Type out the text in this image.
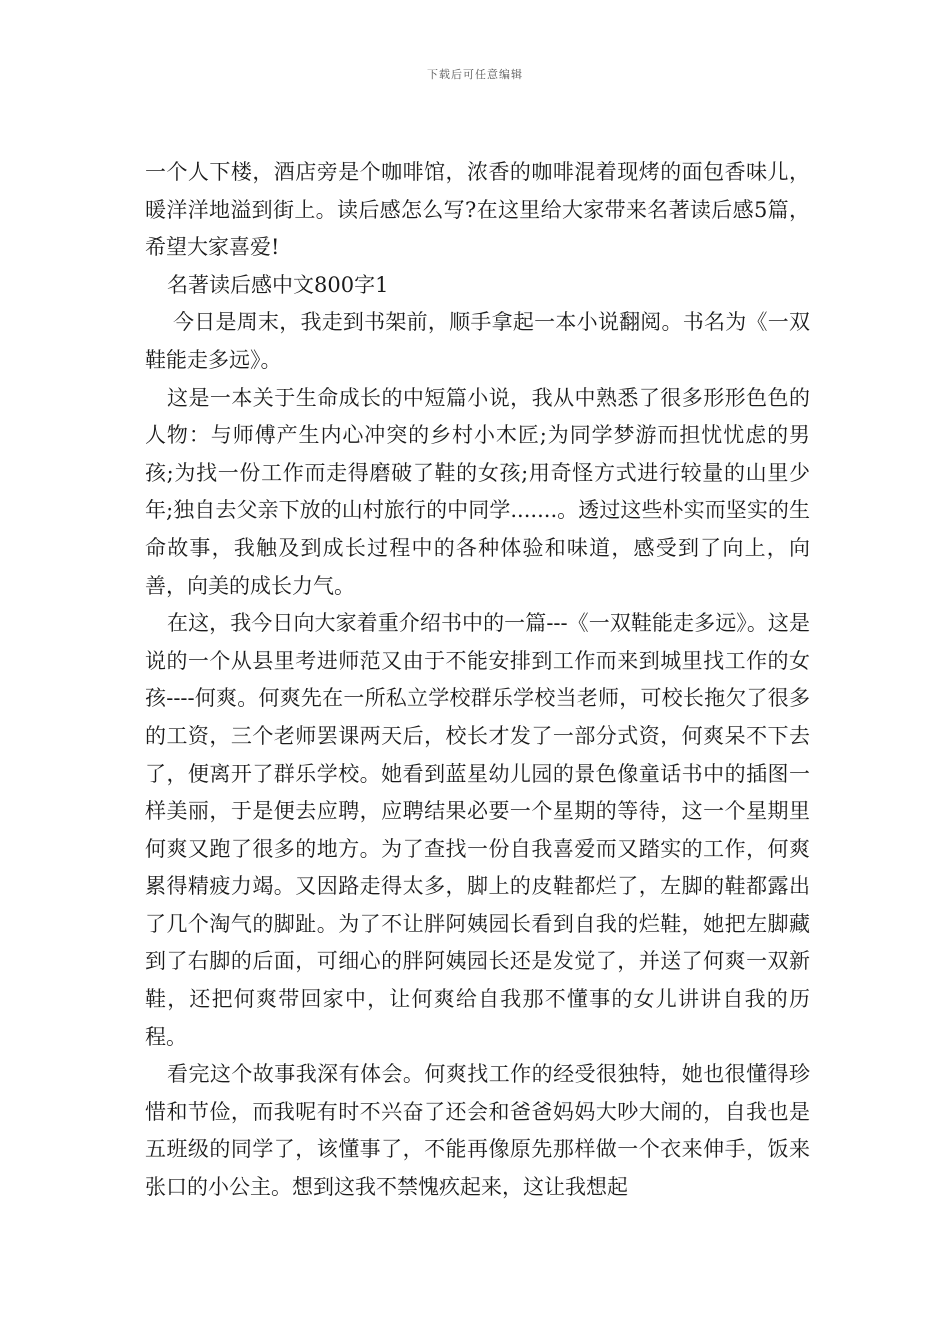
下载后可任意编辑

一个人下楼，酒店旁是个咖啡馆，浓香的咖啡混着现烤的面包香味儿，暖洋洋地溢到街上。读后感怎么写?在这里给大家带来名著读后感5篇，希望大家喜爱!

名著读后感中文800字1

今日是周末，我走到书架前，顺手拿起一本小说翻阅。书名为《一双鞋能走多远》。

这是一本关于生命成长的中短篇小说，我从中熟悉了很多形形色色的人物：与师傅产生内心冲突的乡村小木匠;为同学梦游而担忧忧虑的男孩;为找一份工作而走得磨破了鞋的女孩;用奇怪方式进行较量的山里少年;独自去父亲下放的山村旅行的中同学.......。透过这些朴实而坚实的生命故事，我触及到成长过程中的各种体验和味道，感受到了向上，向善，向美的成长力气。

在这，我今日向大家着重介绍书中的一篇---《一双鞋能走多远》。这是说的一个从县里考进师范又由于不能安排到工作而来到城里找工作的女孩----何爽。何爽先在一所私立学校群乐学校当老师，可校长拖欠了很多的工资，三个老师罢课两天后，校长才发了一部分式资，何爽呆不下去了，便离开了群乐学校。她看到蓝星幼儿园的景色像童话书中的插图一样美丽，于是便去应聘，应聘结果必要一个星期的等待，这一个星期里何爽又跑了很多的地方。为了查找一份自我喜爱而又踏实的工作，何爽累得精疲力竭。又因路走得太多，脚上的皮鞋都烂了，左脚的鞋都露出了几个淘气的脚趾。为了不让胖阿姨园长看到自我的烂鞋，她把左脚藏到了右脚的后面，可细心的胖阿姨园长还是发觉了，并送了何爽一双新鞋，还把何爽带回家中，让何爽给自我那不懂事的女儿讲讲自我的历程。

看完这个故事我深有体会。何爽找工作的经受很独特，她也很懂得珍惜和节俭，而我呢有时不兴奋了还会和爸爸妈妈大吵大闹的，自我也是五班级的同学了，该懂事了，不能再像原先那样做一个衣来伸手，饭来张口的小公主。想到这我不禁愧疚起来，这让我想起
